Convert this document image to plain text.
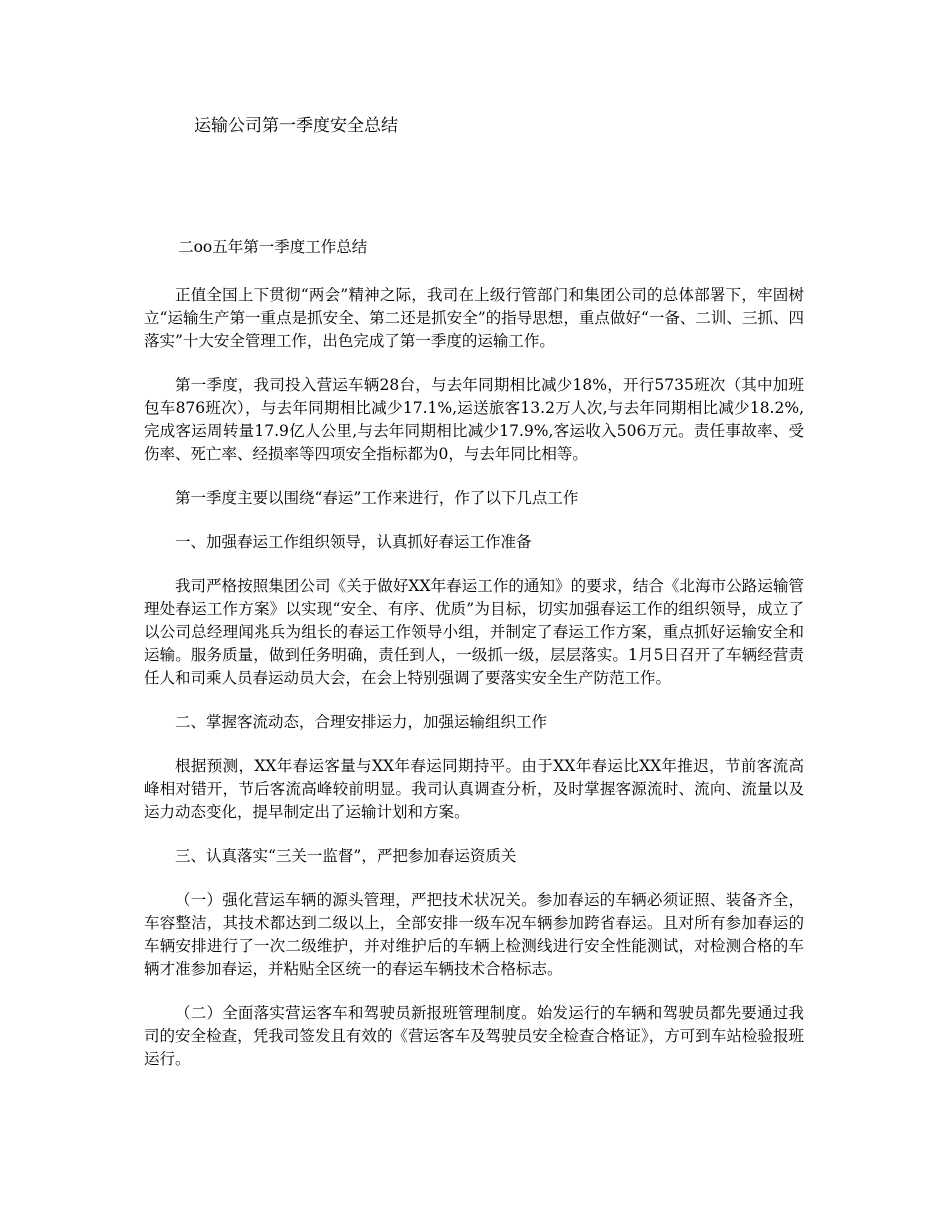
运输公司第一季度安全总结

二oo五年第一季度工作总结

正值全国上下贯彻“两会”精神之际，我司在上级行管部门和集团公司的总体部署下，牢固树立“运输生产第一重点是抓安全、第二还是抓安全”的指导思想，重点做好“一备、二训、三抓、四落实”十大安全管理工作，出色完成了第一季度的运输工作。

第一季度，我司投入营运车辆28台，与去年同期相比减少18%，开行5735班次（其中加班包车876班次），与去年同期相比减少17.1%,运送旅客13.2万人次,与去年同期相比减少18.2%,完成客运周转量17.9亿人公里,与去年同期相比减少17.9%,客运收入506万元。责任事故率、受伤率、死亡率、经损率等四项安全指标都为0，与去年同比相等。

第一季度主要以围绕“春运”工作来进行，作了以下几点工作

一、加强春运工作组织领导，认真抓好春运工作准备

我司严格按照集团公司《关于做好XX年春运工作的通知》的要求，结合《北海市公路运输管理处春运工作方案》以实现“安全、有序、优质”为目标，切实加强春运工作的组织领导，成立了以公司总经理闻兆兵为组长的春运工作领导小组，并制定了春运工作方案，重点抓好运输安全和运输。服务质量，做到任务明确，责任到人，一级抓一级，层层落实。1月5日召开了车辆经营责任人和司乘人员春运动员大会，在会上特别强调了要落实安全生产防范工作。

二、掌握客流动态，合理安排运力，加强运输组织工作

根据预测，XX年春运客量与XX年春运同期持平。由于XX年春运比XX年推迟，节前客流高峰相对错开，节后客流高峰较前明显。我司认真调查分析，及时掌握客源流时、流向、流量以及运力动态变化，提早制定出了运输计划和方案。

三、认真落实“三关一监督”，严把参加春运资质关

（一）强化营运车辆的源头管理，严把技术状况关。参加春运的车辆必须证照、装备齐全，车容整洁，其技术都达到二级以上，全部安排一级车况车辆参加跨省春运。且对所有参加春运的车辆安排进行了一次二级维护，并对维护后的车辆上检测线进行安全性能测试，对检测合格的车辆才准参加春运，并粘贴全区统一的春运车辆技术合格标志。

（二）全面落实营运客车和驾驶员新报班管理制度。始发运行的车辆和驾驶员都先要通过我司的安全检查，凭我司签发且有效的《营运客车及驾驶员安全检查合格证》，方可到车站检验报班运行。
